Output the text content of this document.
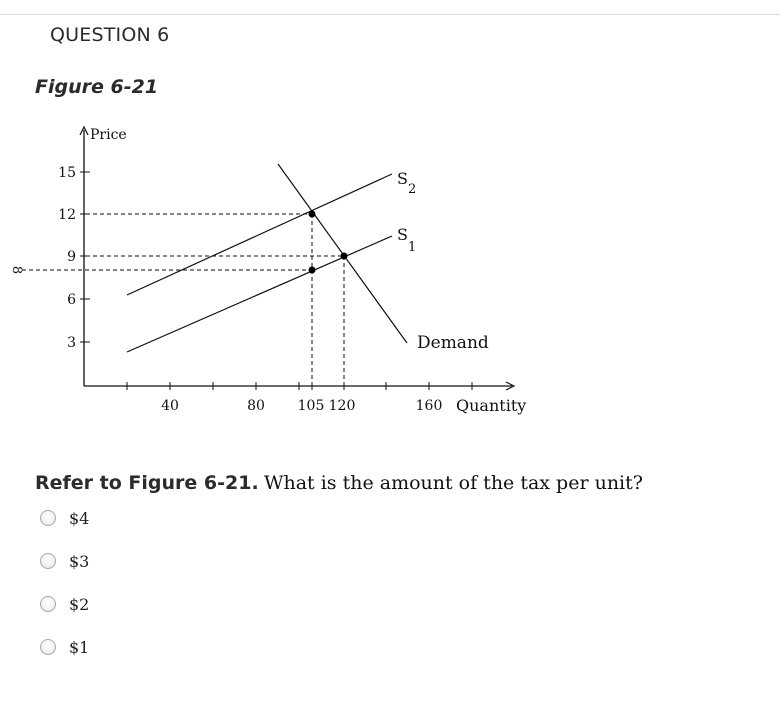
QUESTION 6
Figure 6-21
Price
Quantity
15
12
9
6
3
8
40	80 105 120	160
S
2
S
1
Demand
Refer to Figure 6-21. What is the amount of the tax per unit?
$4
$3
$2
$1
